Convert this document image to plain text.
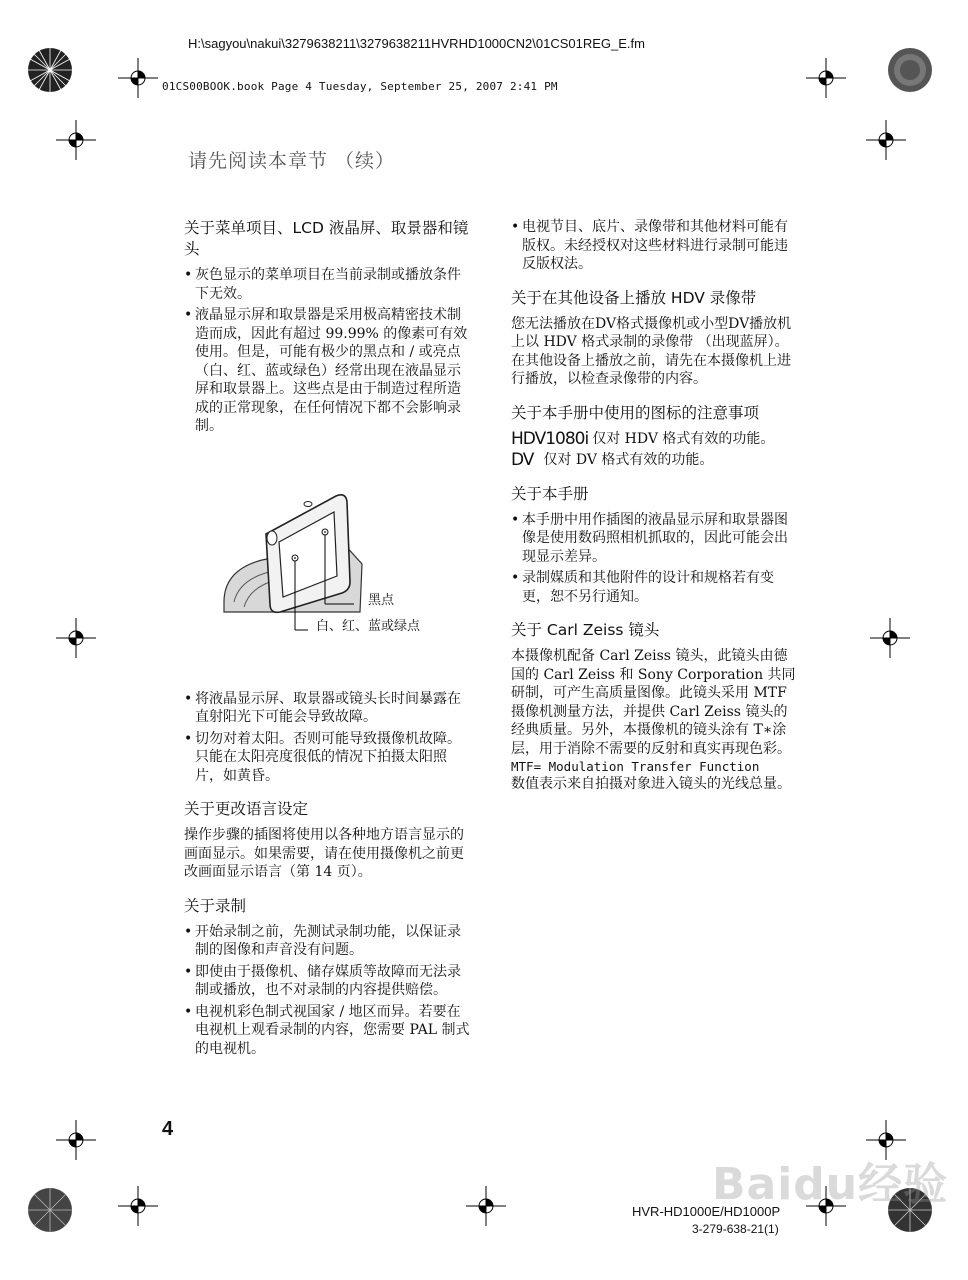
H:\sagyou\nakui\3279638211\3279638211HVRHD1000CN2\01CS01REG_E.fm
01CS00BOOK.book Page 4 Tuesday, September 25, 2007 2:41 PM
请先阅读本章节 （续）
关于菜单项目、LCD 液晶屏、取景器和镜头
• 灰色显示的菜单项目在当前录制或播放条件下无效。
• 液晶显示屏和取景器是采用极高精密技术制造而成，因此有超过 99.99% 的像素可有效使用。但是，可能有极少的黑点和 / 或亮点 （白、红、蓝或绿色）经常出现在液晶显示屏和取景器上。这些点是由于制造过程所造成的正常现象，在任何情况下都不会影响录制。
黑点
白、红、蓝或绿点
• 将液晶显示屏、取景器或镜头长时间暴露在直射阳光下可能会导致故障。
• 切勿对着太阳。否则可能导致摄像机故障。只能在太阳亮度很低的情况下拍摄太阳照片，如黄昏。
关于更改语言设定

操作步骤的插图将使用以各种地方语言显示的画面显示。如果需要，请在使用摄像机之前更改画面显示语言（第 14 页）。

关于录制
• 开始录制之前，先测试录制功能，以保证录制的图像和声音没有问题。
• 即使由于摄像机、储存媒质等故障而无法录制或播放，也不对录制的内容提供赔偿。
• 电视机彩色制式视国家 / 地区而异。若要在电视机上观看录制的内容，您需要 PAL 制式的电视机。
• 电视节目、底片、录像带和其他材料可能有版权。未经授权对这些材料进行录制可能违反版权法。
关于在其他设备上播放 HDV 录像带

您无法播放在DV格式摄像机或小型DV播放机上以 HDV 格式录制的录像带 （出现蓝屏）。

在其他设备上播放之前，请先在本摄像机上进行播放，以检查录像带的内容。

关于本手册中使用的图标的注意事项
HDV1080i 仅对 HDV 格式有效的功能。
DV 仅对 DV 格式有效的功能。
关于本手册
• 本手册中用作插图的液晶显示屏和取景器图像是使用数码照相机抓取的，因此可能会出现显示差异。
• 录制媒质和其他附件的设计和规格若有变更，恕不另行通知。
关于 Carl Zeiss 镜头

本摄像机配备 Carl Zeiss 镜头，此镜头由德国的 Carl Zeiss 和 Sony Corporation 共同研制，可产生高质量图像。此镜头采用 MTF 摄像机测量方法，并提供 Carl Zeiss 镜头的经典质量。另外，本摄像机的镜头涂有 T∗涂层，用于消除不需要的反射和真实再现色彩。

MTF= Modulation Transfer Function

数值表示来自拍摄对象进入镜头的光线总量。

4
Baidu经验
HVR-HD1000E/HD1000P
3-279-638-21(1)
